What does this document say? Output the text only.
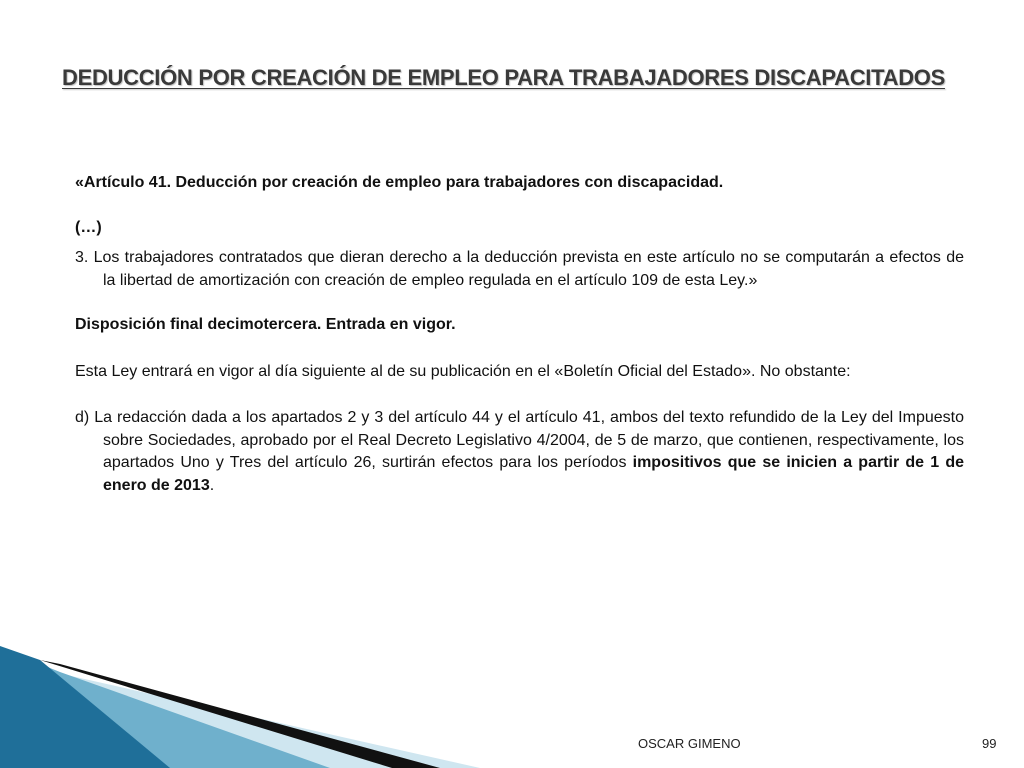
DEDUCCIÓN POR CREACIÓN DE EMPLEO PARA TRABAJADORES DISCAPACITADOS

«Artículo 41. Deducción por creación de empleo para trabajadores con discapacidad.

(…)

3. Los trabajadores contratados que dieran derecho a la deducción prevista en este artículo no se computarán a efectos de la libertad de amortización con creación de empleo regulada en el artículo 109 de esta Ley.»

Disposición final decimotercera. Entrada en vigor.

Esta Ley entrará en vigor al día siguiente al de su publicación en el «Boletín Oficial del Estado». No obstante:

d) La redacción dada a los apartados 2 y 3 del artículo 44 y el artículo 41, ambos del texto refundido de la Ley del Impuesto sobre Sociedades, aprobado por el Real Decreto Legislativo 4/2004, de 5 de marzo, que contienen, respectivamente, los apartados Uno y Tres del artículo 26, surtirán efectos para los períodos impositivos que se inicien a partir de 1 de enero de 2013.

OSCAR GIMENO	99
